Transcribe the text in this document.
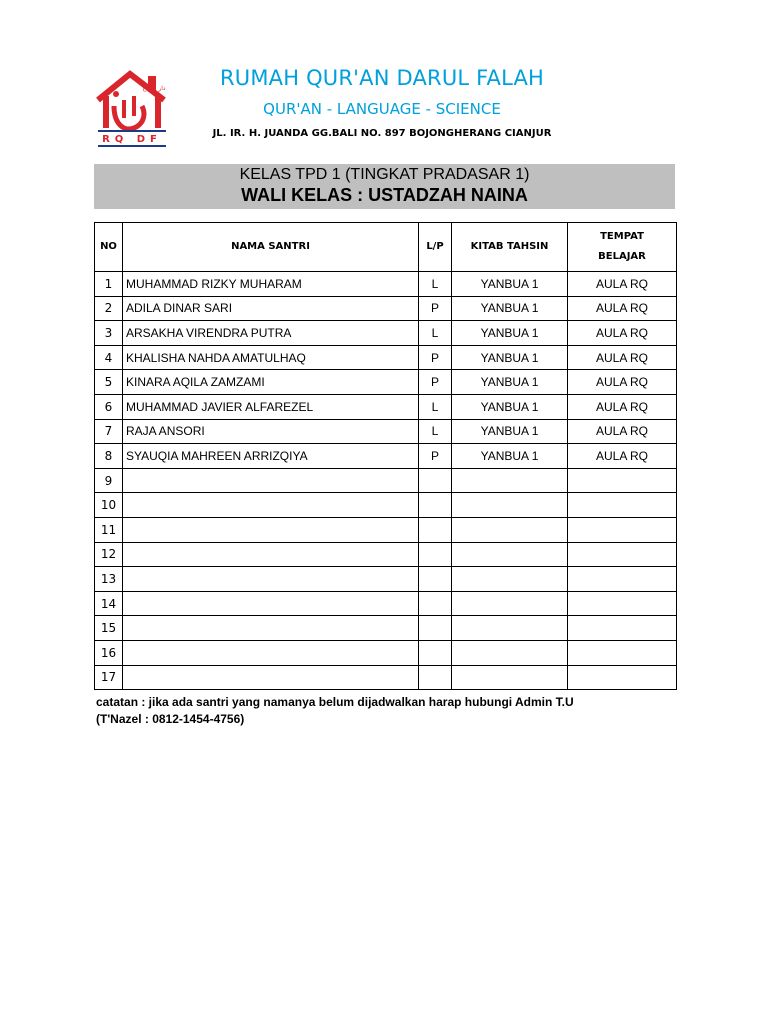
RQ DF
دار الفلاح	RUMAH QUR'AN DARUL FALAH
QUR'AN - LANGUAGE - SCIENCE
JL. IR. H. JUANDA GG.BALI NO. 897 BOJONGHERANG CIANJUR
KELAS TPD 1 (TINGKAT PRADASAR 1)
WALI KELAS : USTADZAH NAINA
NO	NAMA SANTRI	L/P	KITAB TAHSIN	TEMPAT
BELAJAR
1	MUHAMMAD RIZKY MUHARAM	L	YANBUA 1	AULA RQ
2	ADILA DINAR SARI	P	YANBUA 1	AULA RQ
3	ARSAKHA VIRENDRA PUTRA	L	YANBUA 1	AULA RQ
4	KHALISHA NAHDA AMATULHAQ	P	YANBUA 1	AULA RQ
5	KINARA AQILA ZAMZAMI	P	YANBUA 1	AULA RQ
6	MUHAMMAD JAVIER ALFAREZEL	L	YANBUA 1	AULA RQ
7	RAJA ANSORI	L	YANBUA 1	AULA RQ
8	SYAUQIA MAHREEN ARRIZQIYA	P	YANBUA 1	AULA RQ
9				
10				
11				
12				
13				
14				
15				
16				
17				
catatan : jika ada santri yang namanya belum dijadwalkan harap hubungi Admin T.U
(T'Nazel : 0812-1454-4756)
